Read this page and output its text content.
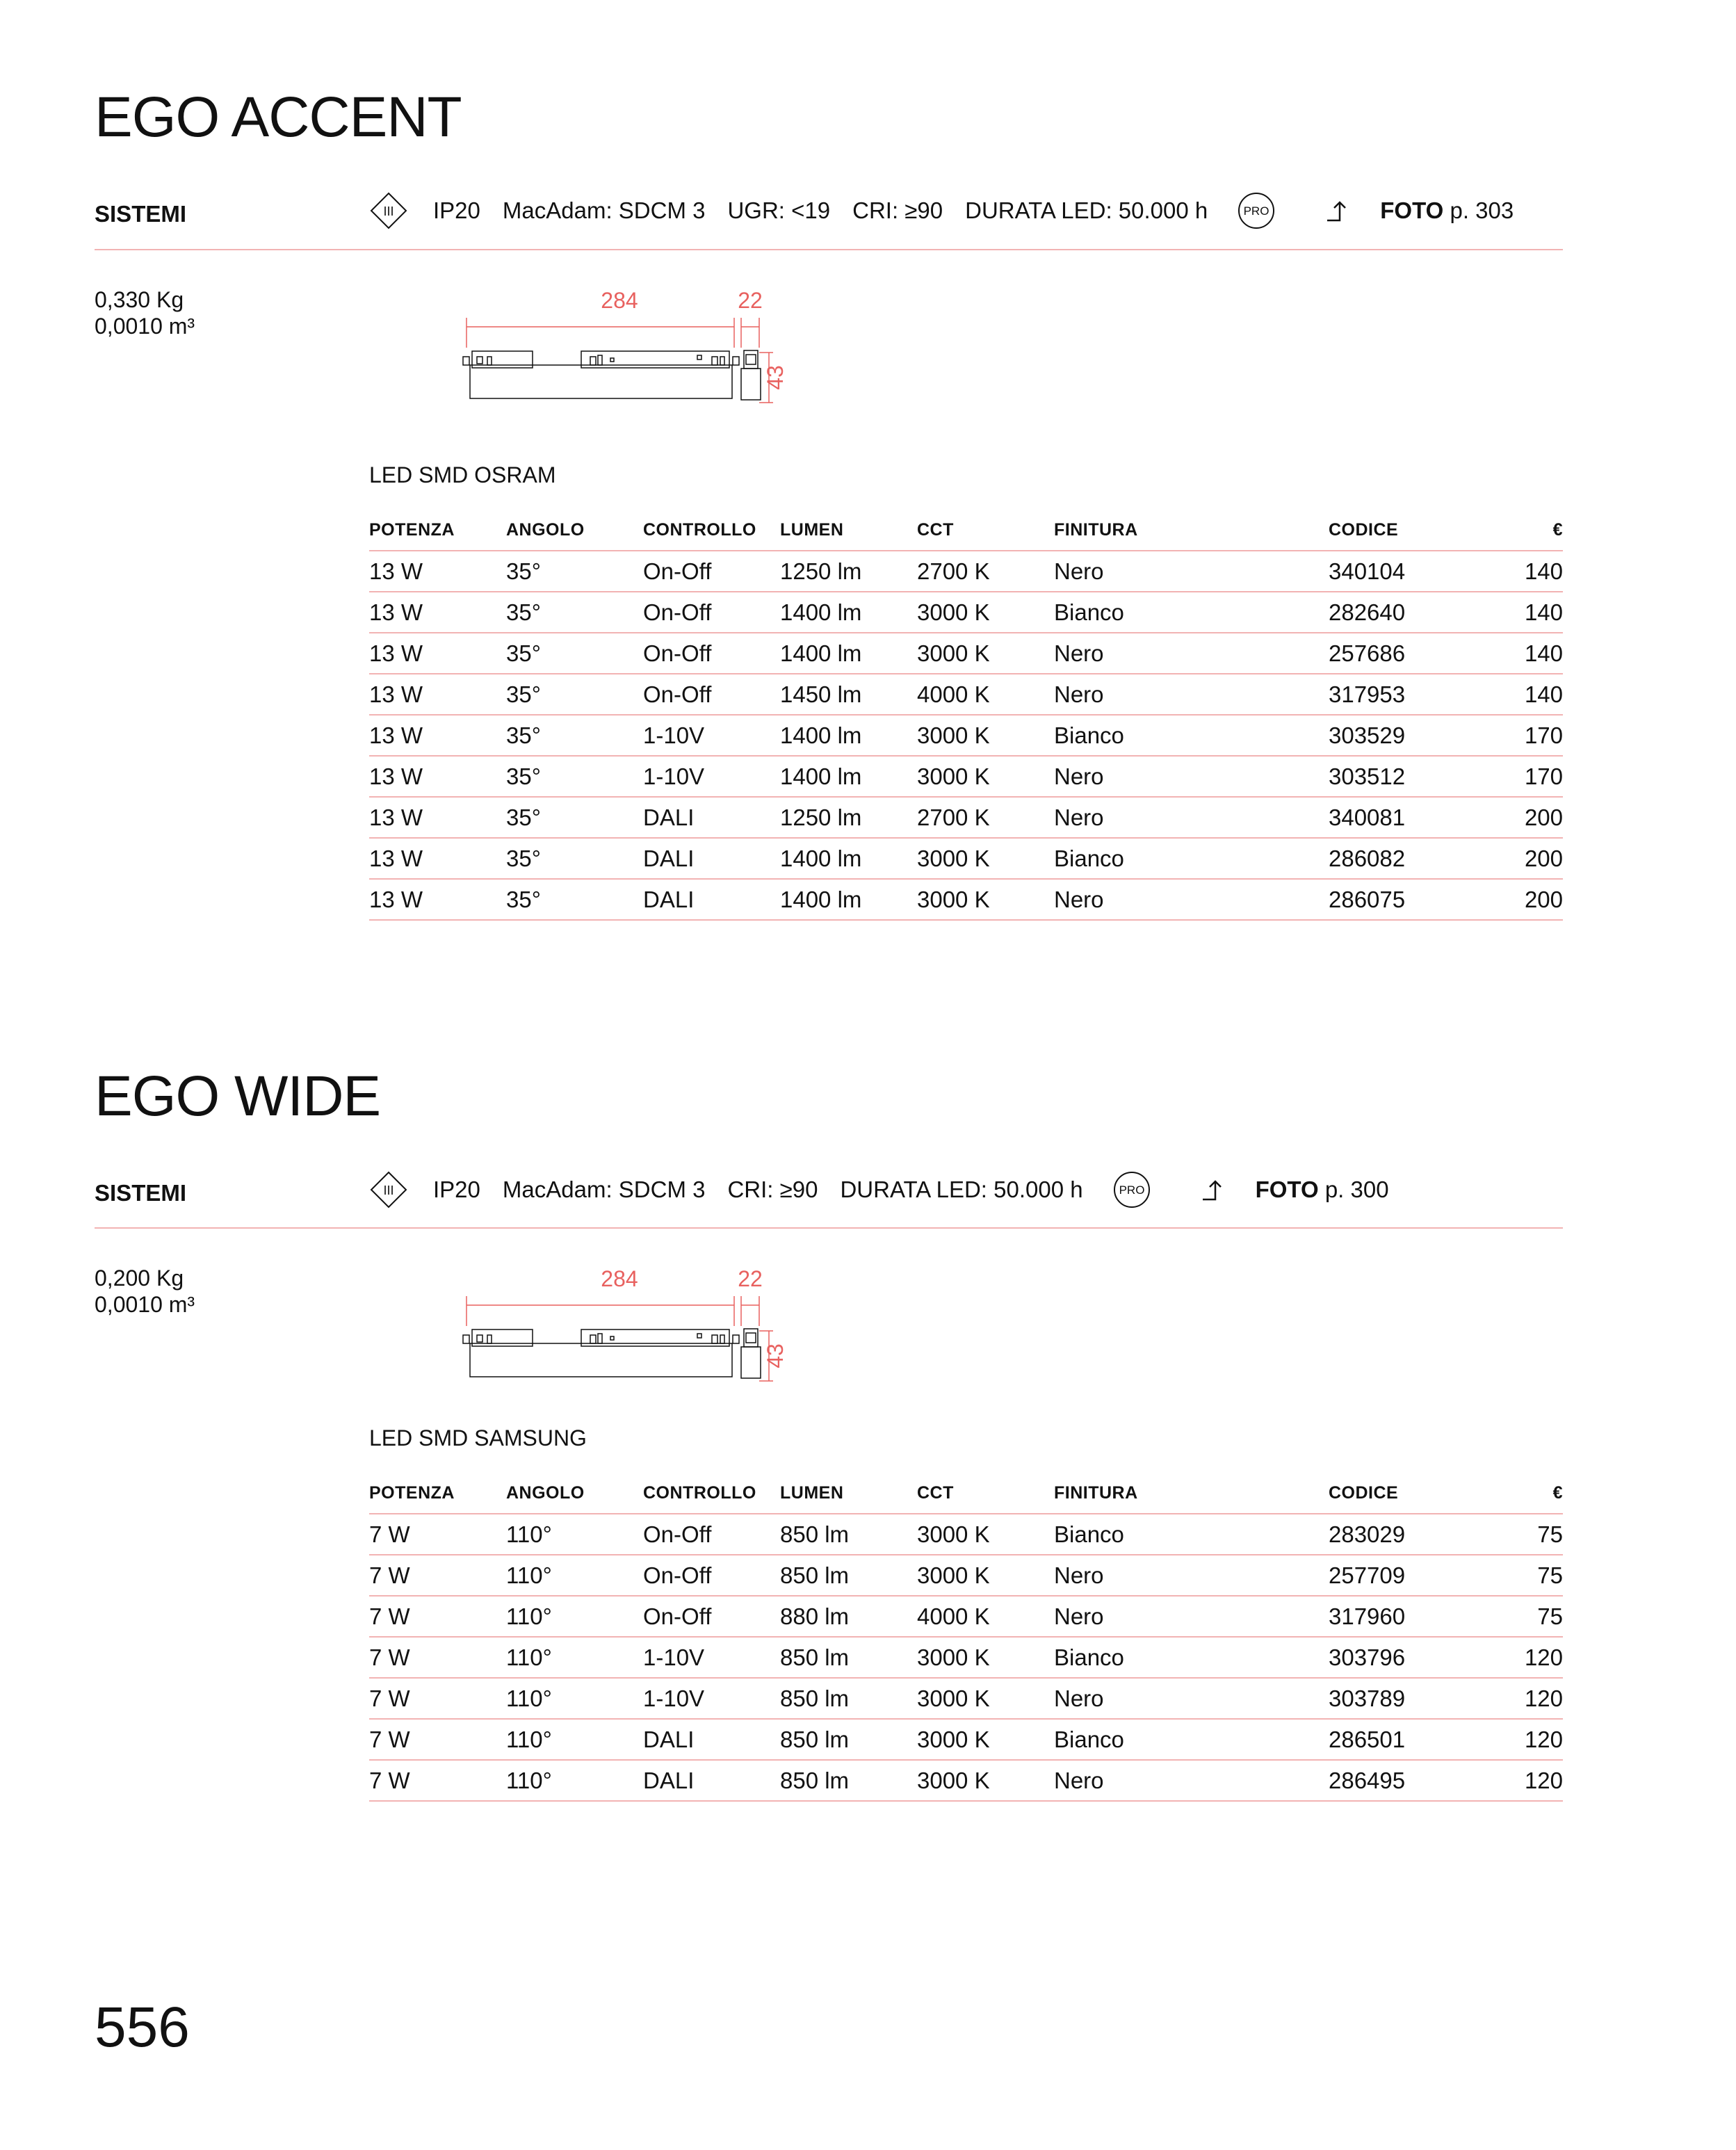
EGO ACCENT
SISTEMI	III IP20 MacAdam: SDCM 3 UGR: <19 CRI: ≥90 DURATA LED: 50.000 h	PRO	FOTO p. 303
0,330 Kg
0,0010 m³
284	22
43
LED SMD OSRAM
POTENZA	ANGOLO	CONTROLLO	LUMEN	CCT	FINITURA	CODICE	€
13 W	35°	On-Off	1250 lm	2700 K	Nero	340104	140
13 W	35°	On-Off	1400 lm	3000 K	Bianco	282640	140
13 W	35°	On-Off	1400 lm	3000 K	Nero	257686	140
13 W	35°	On-Off	1450 lm	4000 K	Nero	317953	140
13 W	35°	1-10V	1400 lm	3000 K	Bianco	303529	170
13 W	35°	1-10V	1400 lm	3000 K	Nero	303512	170
13 W	35°	DALI	1250 lm	2700 K	Nero	340081	200
13 W	35°	DALI	1400 lm	3000 K	Bianco	286082	200
13 W	35°	DALI	1400 lm	3000 K	Nero	286075	200
EGO WIDE
SISTEMI	III IP20 MacAdam: SDCM 3 CRI: ≥90 DURATA LED: 50.000 h	PRO	FOTO p. 300
0,200 Kg
0,0010 m³
284	22
43
LED SMD SAMSUNG
POTENZA	ANGOLO	CONTROLLO	LUMEN	CCT	FINITURA	CODICE	€
7 W	110°	On-Off	850 lm	3000 K	Bianco	283029	75
7 W	110°	On-Off	850 lm	3000 K	Nero	257709	75
7 W	110°	On-Off	880 lm	4000 K	Nero	317960	75
7 W	110°	1-10V	850 lm	3000 K	Bianco	303796	120
7 W	110°	1-10V	850 lm	3000 K	Nero	303789	120
7 W	110°	DALI	850 lm	3000 K	Bianco	286501	120
7 W	110°	DALI	850 lm	3000 K	Nero	286495	120
556
